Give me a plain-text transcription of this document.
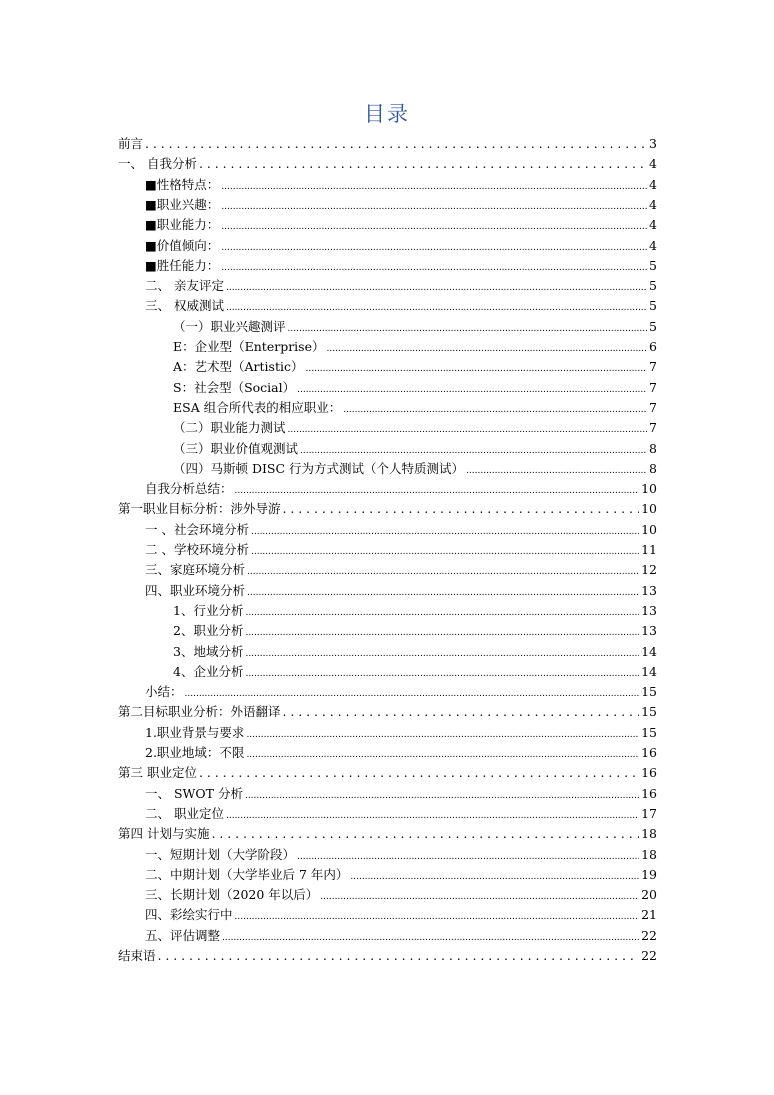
目录
前言 .....	3
一、 自我分析 .....	4
■性格特点： .....	4
■职业兴趣： .....	4
■职业能力： .....	4
■价值倾向： .....	4
■胜任能力： .....	5
二、 亲友评定 .....	5
三、 权威测试 .....	5
（一）职业兴趣测评 .....	5
E：企业型（Enterprise） .....	6
A：艺术型（Artistic） .....	7
S：社会型（Social） .....	7
ESA 组合所代表的相应职业： .....	7
（二）职业能力测试 .....	7
（三）职业价值观测试 .....	8
（四）马斯顿 DISC 行为方式测试（个人特质测试） .....	8
自我分析总结： .....	10
第一职业目标分析：涉外导游 .....	10
一 、社会环境分析 .....	10
二 、学校环境分析 .....	11
三、家庭环境分析 .....	12
四、职业环境分析 .....	13
1、行业分析 .....	13
2、职业分析 .....	13
3、地域分析 .....	14
4、企业分析 .....	14
小结： .....	15
第二目标职业分析：外语翻译 .....	15
1.职业背景与要求 .....	15
2.职业地域：不限 .....	16
第三 职业定位 .....	16
一、 SWOT 分析 .....	16
二、 职业定位 .....	17
第四 计划与实施 .....	18
一、短期计划（大学阶段） .....	18
二、中期计划（大学毕业后 7 年内） .....	19
三、长期计划（2020 年以后） .....	20
四、彩绘实行中 .....	21
五、评估调整 .....	22
结束语 .....	22
